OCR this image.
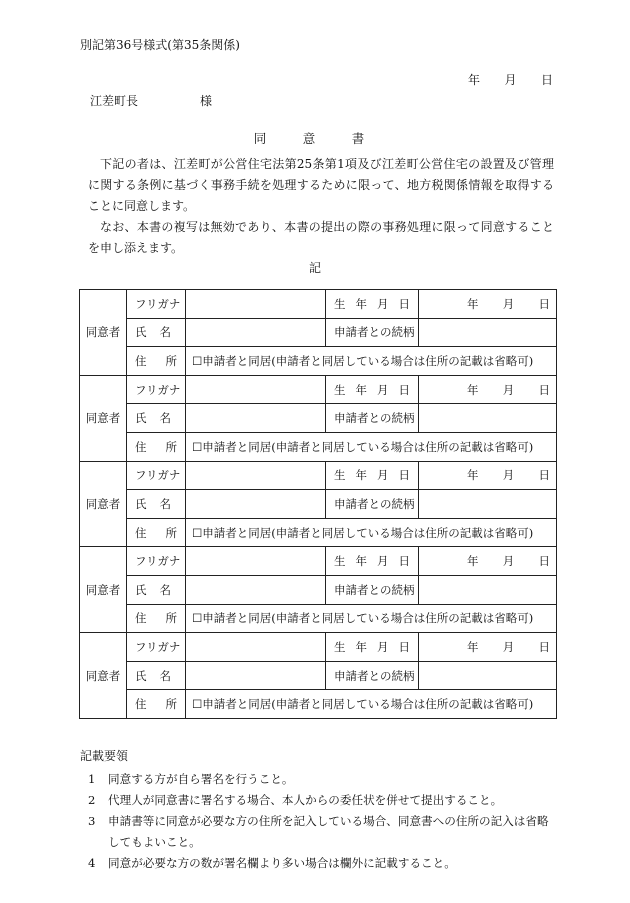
別記第36号様式(第35条関係)
年 月 日
江差町長	様
同　意　書
下記の者は、江差町が公営住宅法第25条第1項及び江差町公営住宅の設置及び管理に関する条例に基づく事務手続を処理するために限って、地方税関係情報を取得することに同意します。
なお、本書の複写は無効であり、本書の提出の際の事務処理に限って同意することを申し添えます。
記
同意者	フリガナ		生 年 月 日	年 月 日

	氏 名		申請者との続柄	

	住 所	☐申請者と同居(申請者と同居している場合は住所の記載は省略可)		
同意者	フリガナ		生 年 月 日	年 月 日

	氏 名		申請者との続柄	

	住 所	☐申請者と同居(申請者と同居している場合は住所の記載は省略可)		
同意者	フリガナ		生 年 月 日	年 月 日

	氏 名		申請者との続柄	

	住 所	☐申請者と同居(申請者と同居している場合は住所の記載は省略可)		
同意者	フリガナ		生 年 月 日	年 月 日

	氏 名		申請者との続柄	

	住 所	☐申請者と同居(申請者と同居している場合は住所の記載は省略可)		
同意者	フリガナ		生 年 月 日	年 月 日

	氏 名		申請者との続柄	

	住 所	☐申請者と同居(申請者と同居している場合は住所の記載は省略可)		
記載要領
1 同意する方が自ら署名を行うこと。
2 代理人が同意書に署名する場合、本人からの委任状を併せて提出すること。
3 申請書等に同意が必要な方の住所を記入している場合、同意書への住所の記入は省略
してもよいこと。
4 同意が必要な方の数が署名欄より多い場合は欄外に記載すること。
